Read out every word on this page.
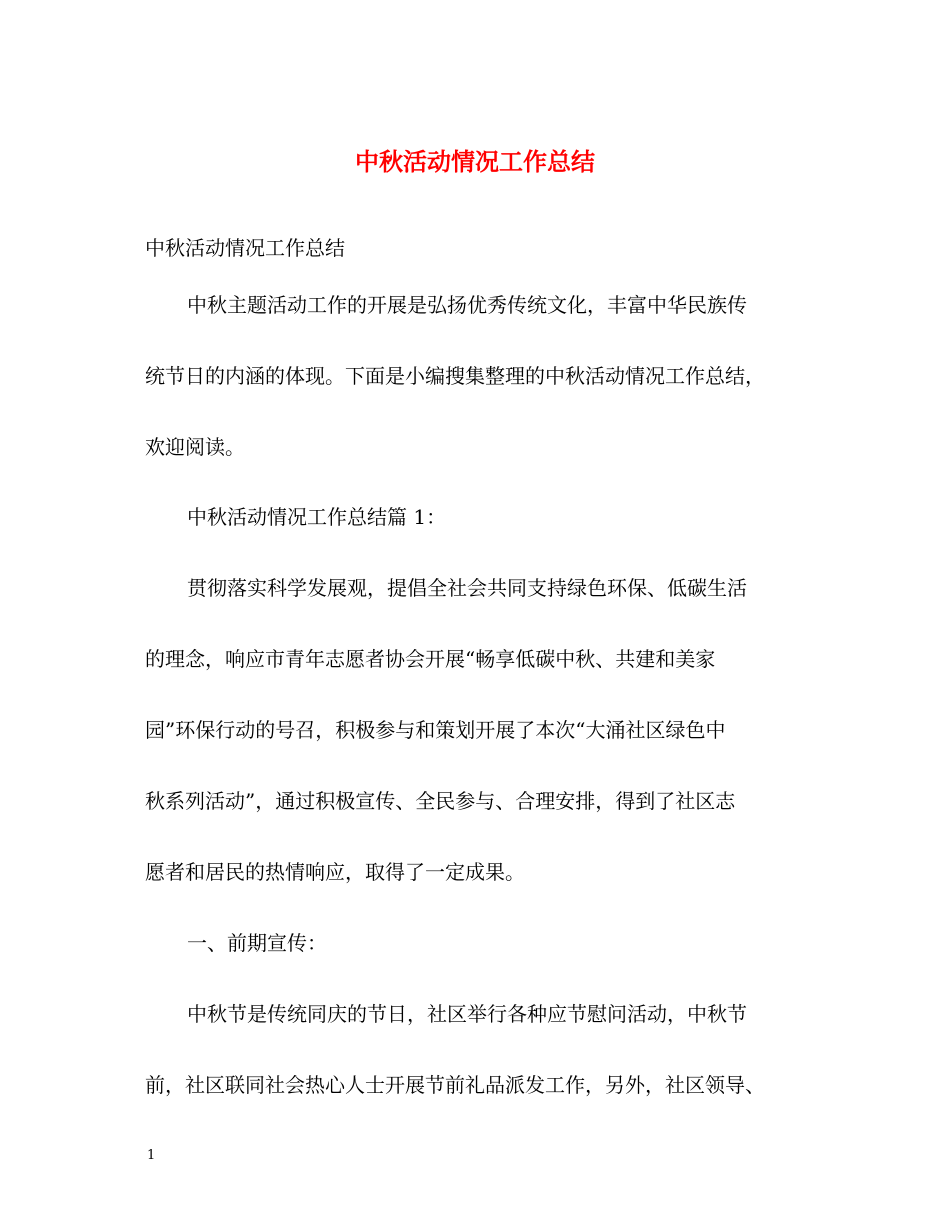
中秋活动情况工作总结
中秋活动情况工作总结
中秋主题活动工作的开展是弘扬优秀传统文化，丰富中华民族传
统节日的内涵的体现。下面是小编搜集整理的中秋活动情况工作总结，
欢迎阅读。
中秋活动情况工作总结篇 1：
贯彻落实科学发展观，提倡全社会共同支持绿色环保、低碳生活
的理念，响应市青年志愿者协会开展“畅享低碳中秋、共建和美家
园”环保行动的号召，积极参与和策划开展了本次“大涌社区绿色中
秋系列活动”，通过积极宣传、全民参与、合理安排，得到了社区志
愿者和居民的热情响应，取得了一定成果。
一、前期宣传：
中秋节是传统同庆的节日，社区举行各种应节慰问活动，中秋节
前，社区联同社会热心人士开展节前礼品派发工作，另外，社区领导、
1
